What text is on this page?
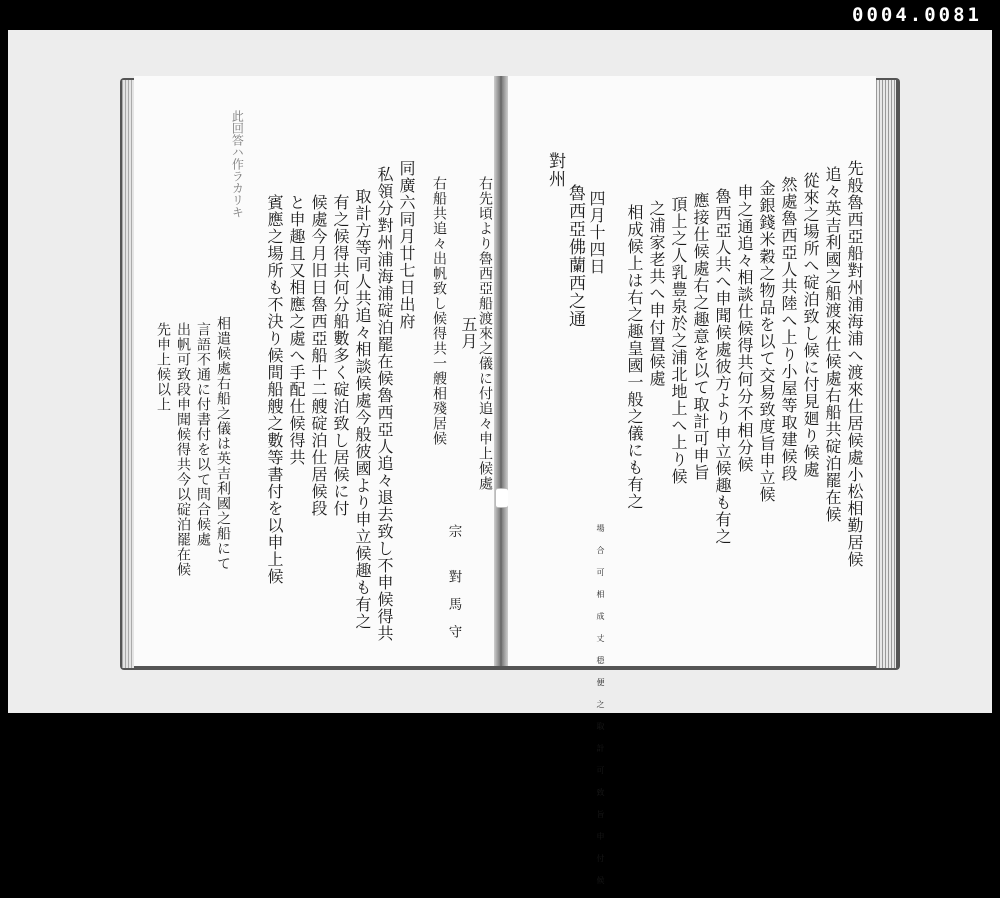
0004.0081
此回答ハ作ラカリキ	同廣六同月廿七日出府
私領分對州浦海浦碇泊罷在候魯西亞人追々退去致し不申候得共
取計方等同人共追々相談候處今般彼國より申立候趣も有之
有之候得共何分船數多く碇泊致し居候に付
候處今月旧日魯西亞船十二艘碇泊仕居候段
と申趣且又相應之處へ手配仕候得共
賓應之場所も不決り候間船艘之數等書付を以申上候
宗 對馬守
五月 右先頃より魯西亞船渡來之儀に付追々申上候處
右船共追々出帆致し候得共一艘相殘居候
相遣候處右船之儀は英吉利國之船にて
言語不通に付書付を以て問合候處
出帆可致段申聞候得共今以碇泊罷在候
先申上候以上
對州
魯西亞佛蘭西之通 四月十四日	先般魯西亞船對州浦海浦へ渡來仕居候處小松相勤居候
追々英吉利國之船渡來仕候處右船共碇泊罷在候
從來之場所へ碇泊致し候に付見廻り候處
然處魯西亞人共陸へ上り小屋等取建候段
金銀錢米穀之物品を以て交易致度旨申立候
申之通追々相談仕候得共何分不相分候
魯西亞人共へ申聞候處彼方より申立候趣も有之
應接仕候處右之趣意を以て取計可申旨
頂上之人乳豊泉於之浦北地上へ上り候
之浦家老共へ申付置候處
相成候上は右之趣皇國一般之儀にも有之
場合可相成丈穏便之取計可致旨申付候
